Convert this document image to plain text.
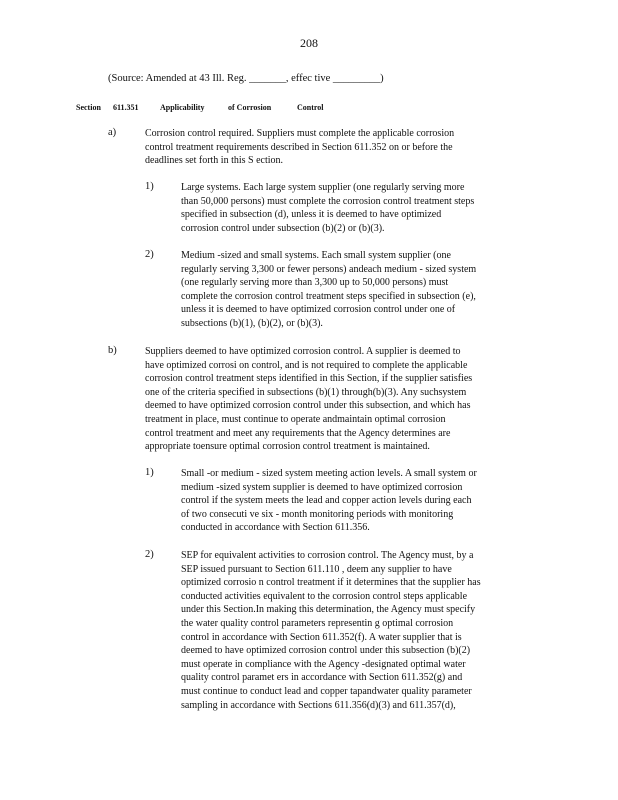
208
(Source: Amended at 43 Ill. Reg. _______, effec tive _________)
Section 611.351	Applicability	of Corrosion	Control
a)	Corrosion control required. Suppliers must complete the applicable corrosion
control treatment requirements described in Section 611.352 on or before the
deadlines set forth in this S ection.
1)	Large systems. Each large system supplier (one regularly serving more
than 50,000 persons) must complete the corrosion control treatment steps
specified in subsection (d), unless it is deemed to have optimized
corrosion control under subsection (b)(2) or (b)(3).
2)	Medium -sized and small systems. Each small system supplier (one
regularly serving 3,300 or fewer persons) andeach medium - sized system
(one regularly serving more than 3,300 up to 50,000 persons) must
complete the corrosion control treatment steps specified in subsection (e),
unless it is deemed to have optimized corrosion control under one of
subsections (b)(1), (b)(2), or (b)(3).
b)	Suppliers deemed to have optimized corrosion control. A supplier is deemed to
have optimized corrosi on control, and is not required to complete the applicable
corrosion control treatment steps identified in this Section, if the supplier satisfies
one of the criteria specified in subsections (b)(1) through(b)(3). Any suchsystem
deemed to have optimized corrosion control under this subsection, and which has
treatment in place, must continue to operate andmaintain optimal corrosion
control treatment and meet any requirements that the Agency determines are
appropriate toensure optimal corrosion control treatment is maintained.
1)	Small -or medium - sized system meeting action levels. A small system or
medium -sized system supplier is deemed to have optimized corrosion
control if the system meets the lead and copper action levels during each
of two consecuti ve six - month monitoring periods with monitoring
conducted in accordance with Section 611.356.
2)	SEP for equivalent activities to corrosion control. The Agency must, by a
SEP issued pursuant to Section 611.110 , deem any supplier to have
optimized corrosio n control treatment if it determines that the supplier has
conducted activities equivalent to the corrosion control steps applicable
under this Section.In making this determination, the Agency must specify
the water quality control parameters representin g optimal corrosion
control in accordance with Section 611.352(f). A water supplier that is
deemed to have optimized corrosion control under this subsection (b)(2)
must operate in compliance with the Agency -designated optimal water
quality control paramet ers in accordance with Section 611.352(g) and
must continue to conduct lead and copper tapandwater quality parameter
sampling in accordance with Sections 611.356(d)(3) and 611.357(d),
